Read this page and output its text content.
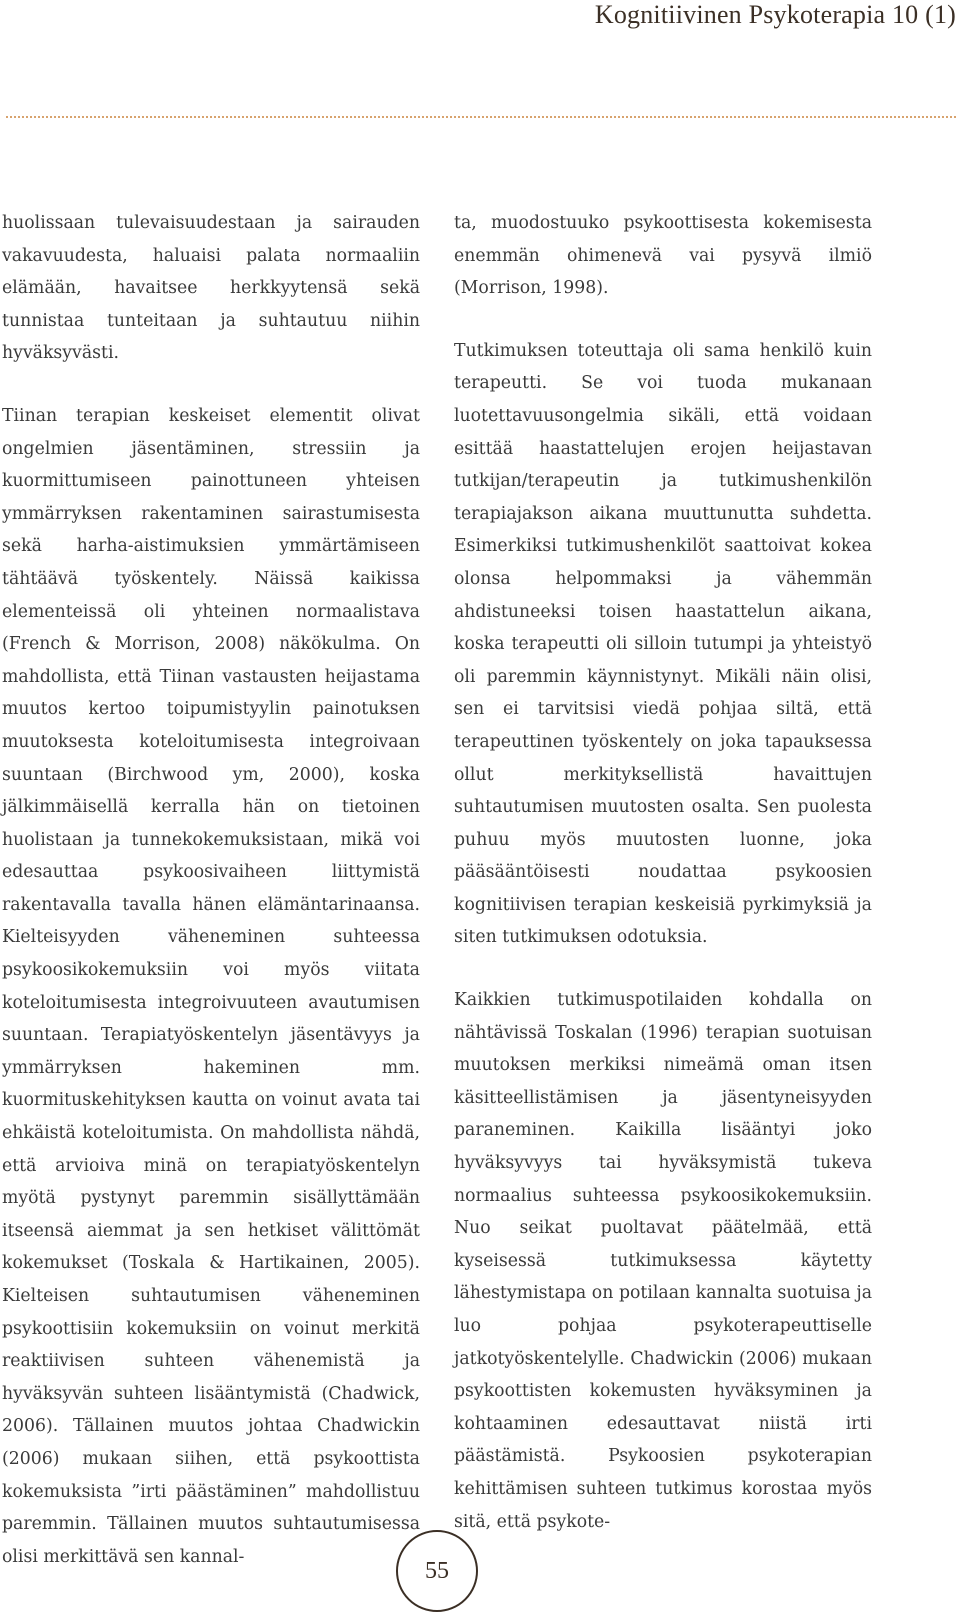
Kognitiivinen Psykoterapia 10 (1)

huolissaan tulevaisuudestaan ja sairauden vakavuudesta, haluaisi palata normaaliin elämään, havaitsee herkkyytensä sekä tunnistaa tunteitaan ja suhtautuu niihin hyväksyvästi.

Tiinan terapian keskeiset elementit olivat ongelmien jäsentäminen, stressiin ja kuormittumiseen painottuneen yhteisen ymmärryksen rakentaminen sairastumisesta sekä harha-aistimuksien ymmärtämiseen tähtäävä työskentely. Näissä kaikissa elementeissä oli yhteinen normaalistava (French & Morrison, 2008) näkökulma. On mahdollista, että Tiinan vastausten heijastama muutos kertoo toipumistyylin painotuksen muutoksesta koteloitumisesta integroivaan suuntaan (Birchwood ym, 2000), koska jälkimmäisellä kerralla hän on tietoinen huolistaan ja tunnekokemuksistaan, mikä voi edesauttaa psykoosivaiheen liittymistä rakentavalla tavalla hänen elämäntarinaansa. Kielteisyyden väheneminen suhteessa psykoosikokemuksiin voi myös viitata koteloitumisesta integroivuuteen avautumisen suuntaan. Terapiatyöskentelyn jäsentävyys ja ymmärryksen hakeminen mm. kuormituskehityksen kautta on voinut avata tai ehkäistä koteloitumista. On mahdollista nähdä, että arvioiva minä on terapiatyöskentelyn myötä pystynyt paremmin sisällyttämään itseensä aiemmat ja sen hetkiset välittömät kokemukset (Toskala & Hartikainen, 2005). Kielteisen suhtautumisen väheneminen psykoottisiin kokemuksiin on voinut merkitä reaktiivisen suhteen vähenemistä ja hyväksyvän suhteen lisääntymistä (Chadwick, 2006). Tällainen muutos johtaa Chadwickin (2006) mukaan siihen, että psykoottista kokemuksista ”irti päästäminen” mahdollistuu paremmin. Tällainen muutos suhtautumisessa olisi merkittävä sen kannal-

ta, muodostuuko psykoottisesta kokemisesta enemmän ohimenevä vai pysyvä ilmiö (Morrison, 1998).

Tutkimuksen toteuttaja oli sama henkilö kuin terapeutti. Se voi tuoda mukanaan luotettavuusongelmia sikäli, että voidaan esittää haastattelujen erojen heijastavan tutkijan/terapeutin ja tutkimushenkilön terapiajakson aikana muuttunutta suhdetta. Esimerkiksi tutkimushenkilöt saattoivat kokea olonsa helpommaksi ja vähemmän ahdistuneeksi toisen haastattelun aikana, koska terapeutti oli silloin tutumpi ja yhteistyö oli paremmin käynnistynyt. Mikäli näin olisi, sen ei tarvitsisi viedä pohjaa siltä, että terapeuttinen työskentely on joka tapauksessa ollut merkityksellistä havaittujen suhtautumisen muutosten osalta. Sen puolesta puhuu myös muutosten luonne, joka pääsääntöisesti noudattaa psykoosien kognitiivisen terapian keskeisiä pyrkimyksiä ja siten tutkimuksen odotuksia.

Kaikkien tutkimuspotilaiden kohdalla on nähtävissä Toskalan (1996) terapian suotuisan muutoksen merkiksi nimeämä oman itsen käsitteellistämisen ja jäsentyneisyyden paraneminen. Kaikilla lisääntyi joko hyväksyvyys tai hyväksymistä tukeva normaalius suhteessa psykoosikokemuksiin. Nuo seikat puoltavat päätelmää, että kyseisessä tutkimuksessa käytetty lähestymistapa on potilaan kannalta suotuisa ja luo pohjaa psykoterapeuttiselle jatkotyöskentelylle. Chadwickin (2006) mukaan psykoottisten kokemusten hyväksyminen ja kohtaaminen edesauttavat niistä irti päästämistä. Psykoosien psykoterapian kehittämisen suhteen tutkimus korostaa myös sitä, että psykote-

55
